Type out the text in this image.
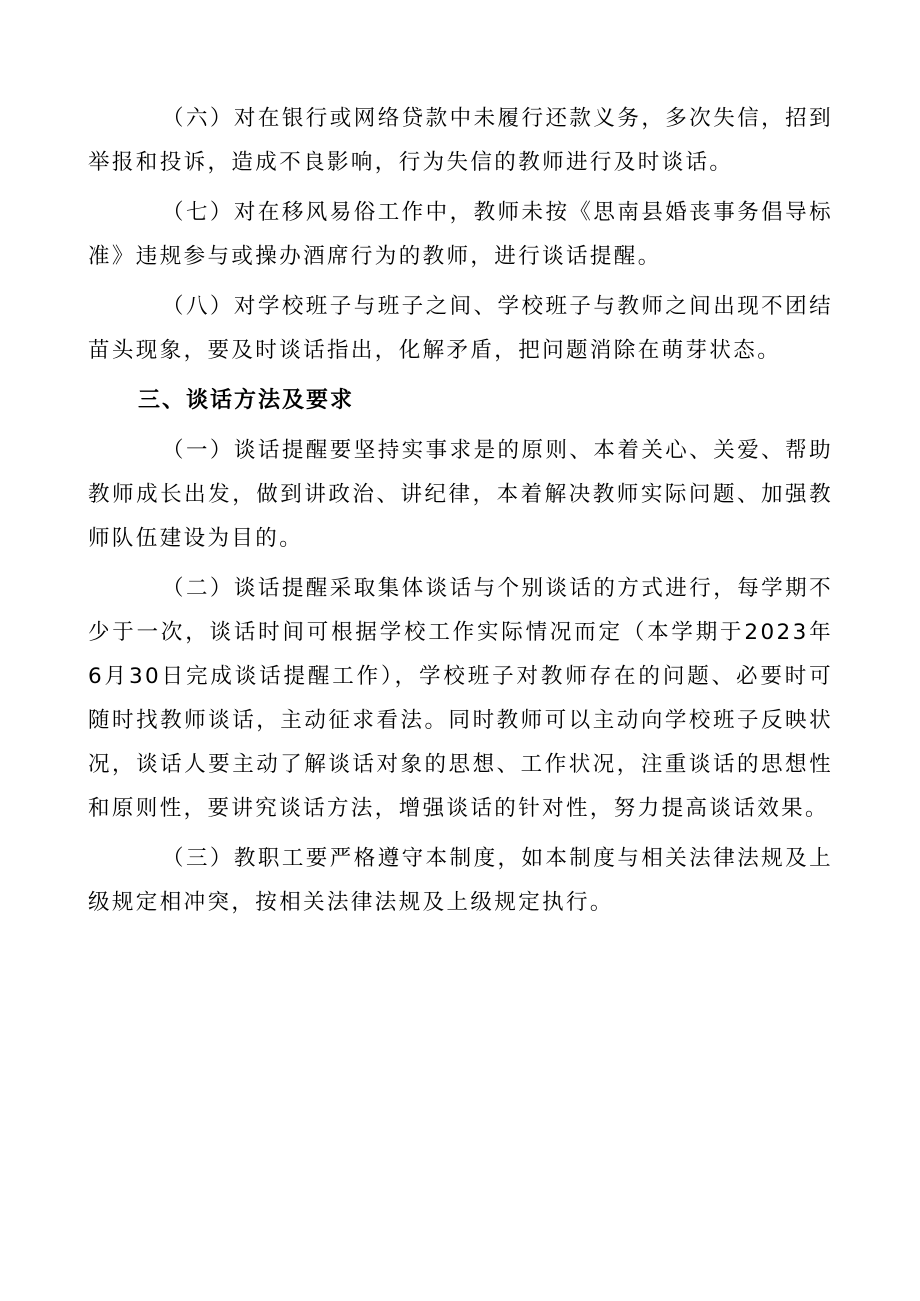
（六）对在银行或网络贷款中未履行还款义务，多次失信，招到举报和投诉，造成不良影响，行为失信的教师进行及时谈话。

（七）对在移风易俗工作中，教师未按《思南县婚丧事务倡导标准》违规参与或操办酒席行为的教师，进行谈话提醒。

（八）对学校班子与班子之间、学校班子与教师之间出现不团结苗头现象，要及时谈话指出，化解矛盾，把问题消除在萌芽状态。

三、谈话方法及要求

（一）谈话提醒要坚持实事求是的原则、本着关心、关爱、帮助教师成长出发，做到讲政治、讲纪律，本着解决教师实际问题、加强教师队伍建设为目的。

（二）谈话提醒采取集体谈话与个别谈话的方式进行，每学期不少于一次，谈话时间可根据学校工作实际情况而定（本学期于2023年6月30日完成谈话提醒工作），学校班子对教师存在的问题、必要时可随时找教师谈话，主动征求看法。同时教师可以主动向学校班子反映状况，谈话人要主动了解谈话对象的思想、工作状况，注重谈话的思想性和原则性，要讲究谈话方法，增强谈话的针对性，努力提高谈话效果。

（三）教职工要严格遵守本制度，如本制度与相关法律法规及上级规定相冲突，按相关法律法规及上级规定执行。
